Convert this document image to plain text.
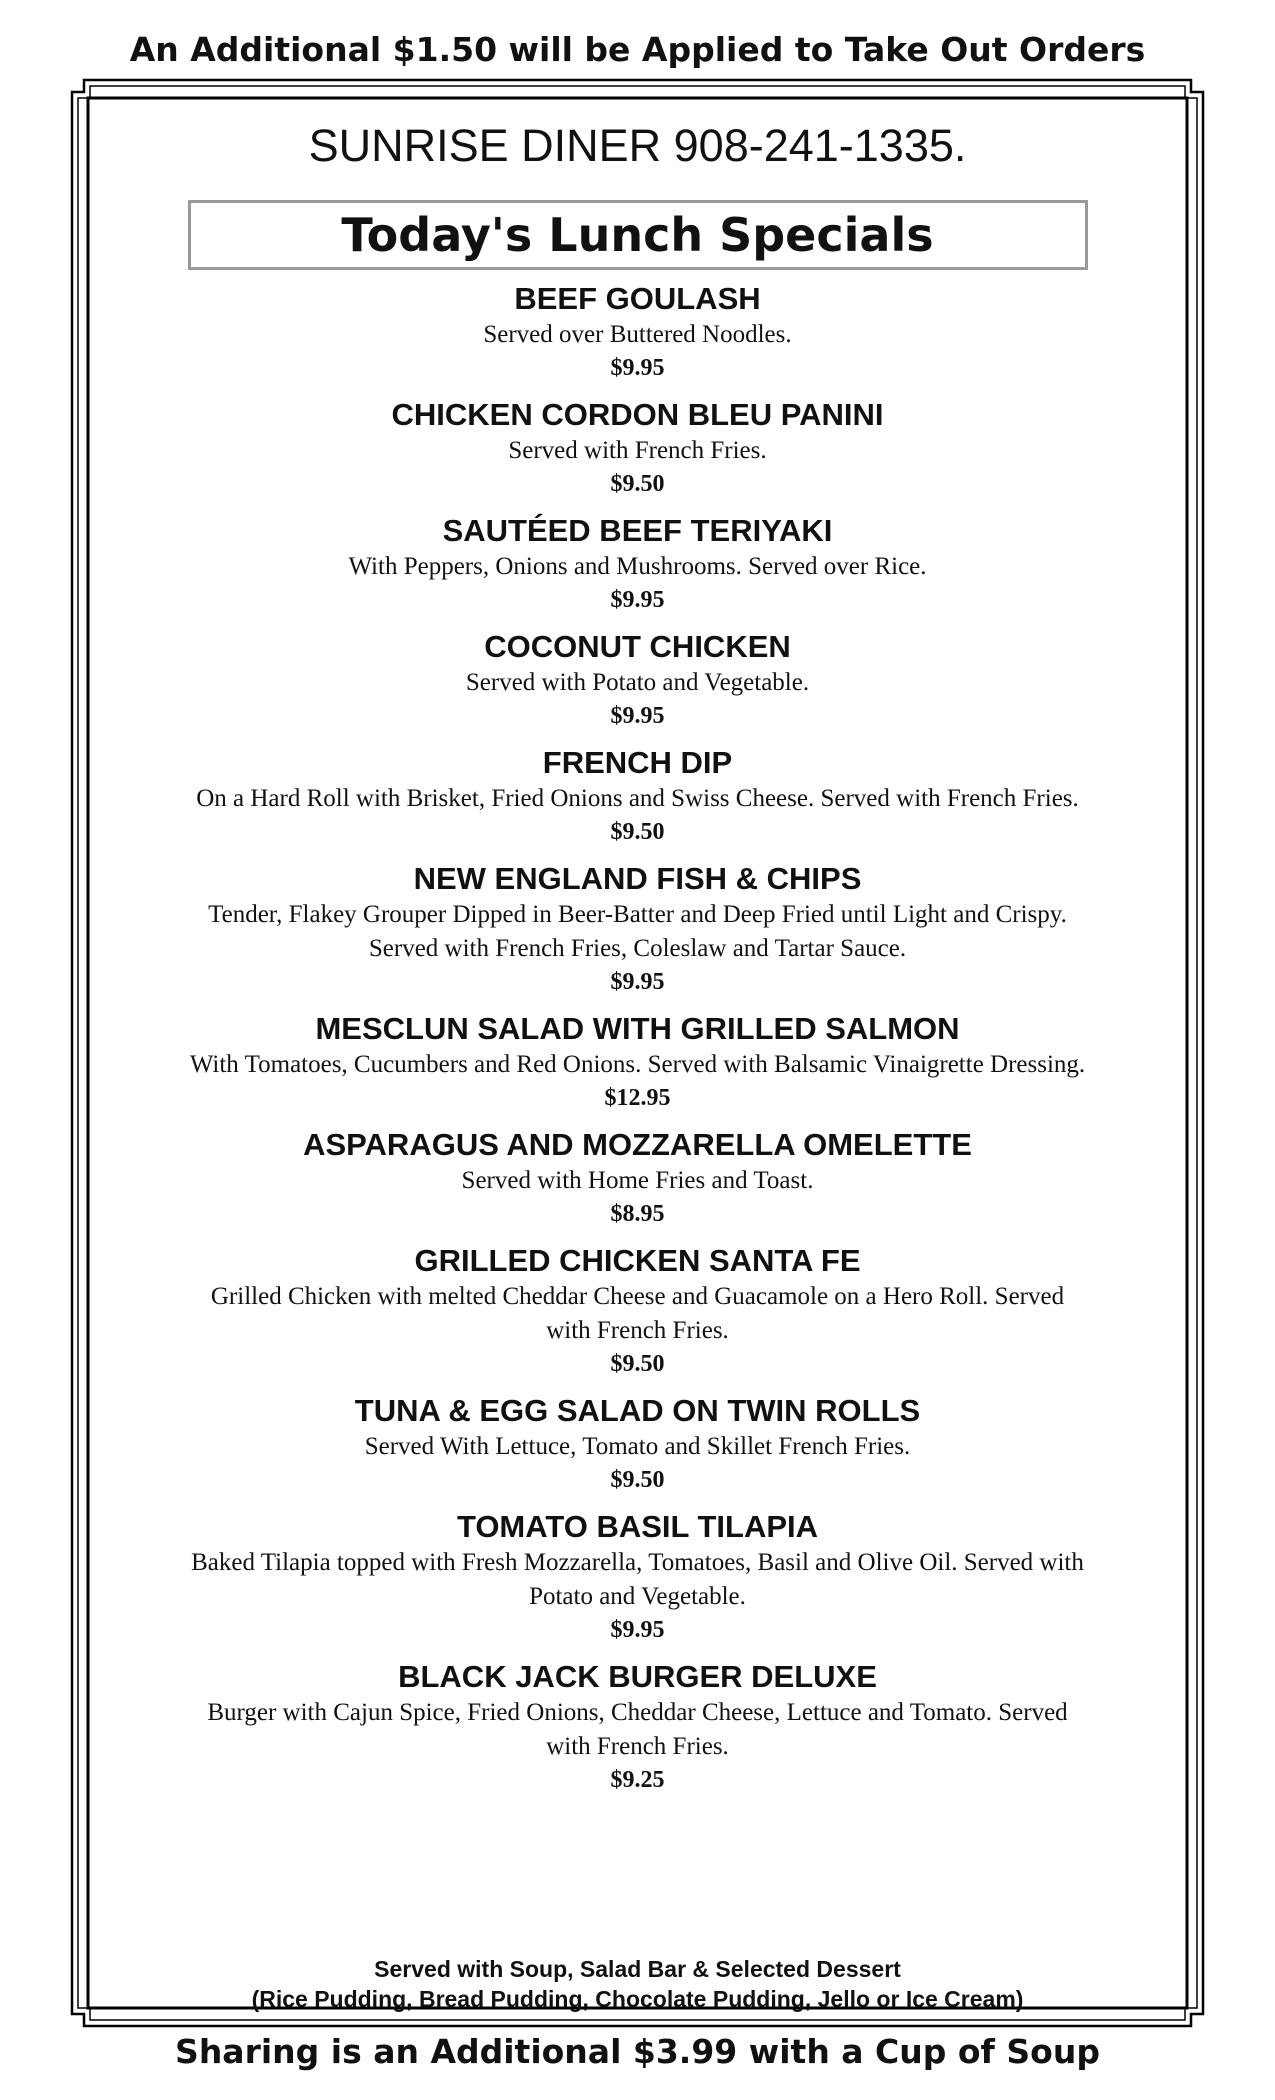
An Additional $1.50 will be Applied to Take Out Orders
SUNRISE DINER 908-241-1335.
Today's Lunch Specials
BEEF GOULASH
Served over Buttered Noodles.
$9.95
CHICKEN CORDON BLEU PANINI
Served with French Fries.
$9.50
SAUTÉED BEEF TERIYAKI
With Peppers, Onions and Mushrooms. Served over Rice.
$9.95
COCONUT CHICKEN
Served with Potato and Vegetable.
$9.95
FRENCH DIP
On a Hard Roll with Brisket, Fried Onions and Swiss Cheese. Served with French Fries.
$9.50
NEW ENGLAND FISH & CHIPS
Tender, Flakey Grouper Dipped in Beer-Batter and Deep Fried until Light and Crispy. Served with French Fries, Coleslaw and Tartar Sauce.
$9.95
MESCLUN SALAD WITH GRILLED SALMON
With Tomatoes, Cucumbers and Red Onions. Served with Balsamic Vinaigrette Dressing.
$12.95
ASPARAGUS AND MOZZARELLA OMELETTE
Served with Home Fries and Toast.
$8.95
GRILLED CHICKEN SANTA FE
Grilled Chicken with melted Cheddar Cheese and Guacamole on a Hero Roll. Served with French Fries.
$9.50
TUNA & EGG SALAD ON TWIN ROLLS
Served With Lettuce, Tomato and Skillet French Fries.
$9.50
TOMATO BASIL TILAPIA
Baked Tilapia topped with Fresh Mozzarella, Tomatoes, Basil and Olive Oil. Served with Potato and Vegetable.
$9.95
BLACK JACK BURGER DELUXE
Burger with Cajun Spice, Fried Onions, Cheddar Cheese, Lettuce and Tomato. Served with French Fries.
$9.25
Served with Soup, Salad Bar & Selected Dessert
(Rice Pudding, Bread Pudding, Chocolate Pudding, Jello or Ice Cream)
Sharing is an Additional $3.99 with a Cup of Soup
